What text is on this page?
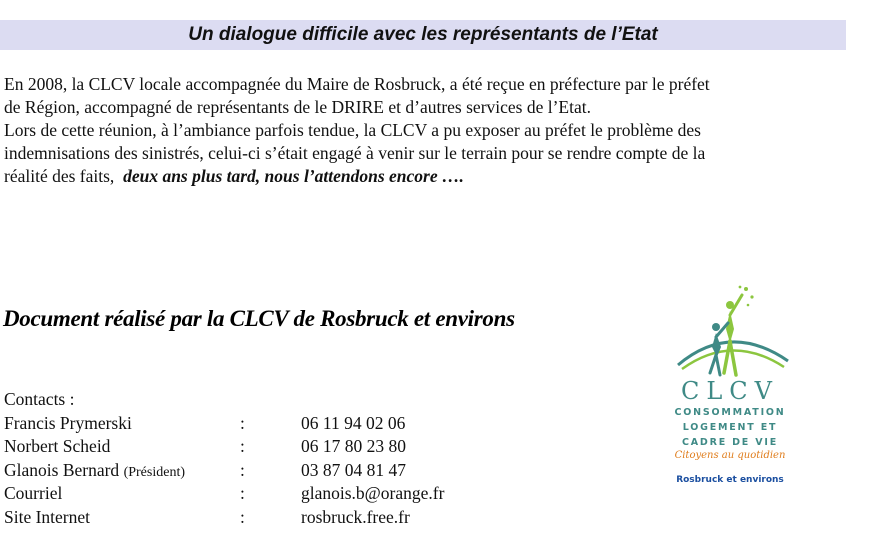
Un dialogue difficile avec les représentants de l’Etat

En 2008, la CLCV locale accompagnée du Maire de Rosbruck, a été reçue en préfecture par le préfet

de Région, accompagné de représentants de le DRIRE et d’autres services de l’Etat.

Lors de cette réunion, à l’ambiance parfois tendue, la CLCV a pu exposer au préfet le problème des

indemnisations des sinistrés, celui-ci s’était engagé à venir sur le terrain pour se rendre compte de la

réalité des faits,  deux ans plus tard, nous l’attendons encore ….

Document réalisé par la CLCV de Rosbruck et environs
Contacts :
Francis Prymerski	:	06 11 94 02 06
Norbert Scheid	:	06 17 80 23 80
Glanois Bernard (Président)	:	03 87 04 81 47
Courriel	:	glanois.b@orange.fr
Site Internet	:	rosbruck.free.fr
CLCV
CONSOMMATION
LOGEMENT ET
CADRE DE VIE
Citoyens au quotidien
Rosbruck et environs
